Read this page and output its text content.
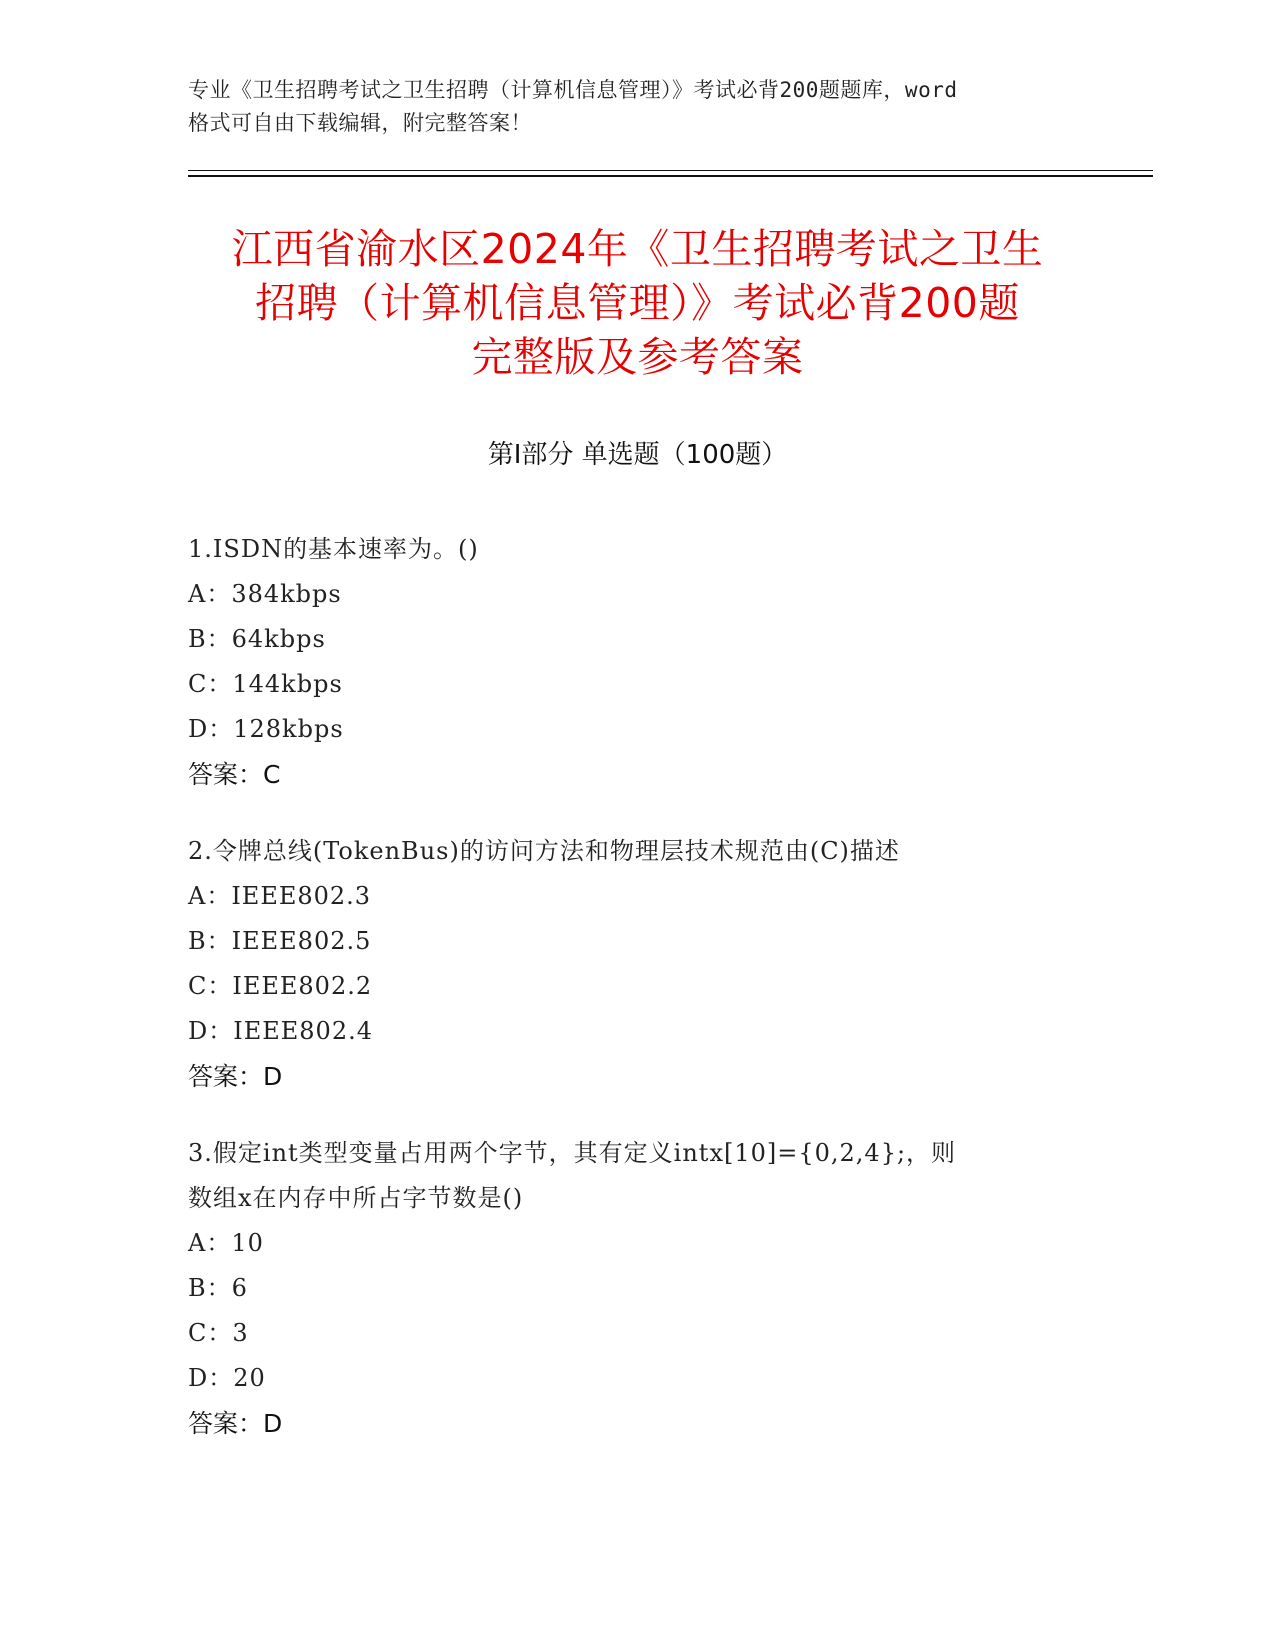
专业《卫生招聘考试之卫生招聘（计算机信息管理）》考试必背200题题库，word
格式可自由下载编辑，附完整答案！
江西省渝水区2024年《卫生招聘考试之卫生
招聘（计算机信息管理）》考试必背200题
完整版及参考答案
第I部分 单选题（100题）
1.ISDN的基本速率为。()
A：384kbps
B：64kbps
C：144kbps
D：128kbps
答案：C
2.令牌总线(TokenBus)的访问方法和物理层技术规范由(C)描述
A：IEEE802.3
B：IEEE802.5
C：IEEE802.2
D：IEEE802.4
答案：D
3.假定int类型变量占用两个字节，其有定义intx[10]={0,2,4};，则
数组x在内存中所占字节数是()
A：10
B：6
C：3
D：20
答案：D
